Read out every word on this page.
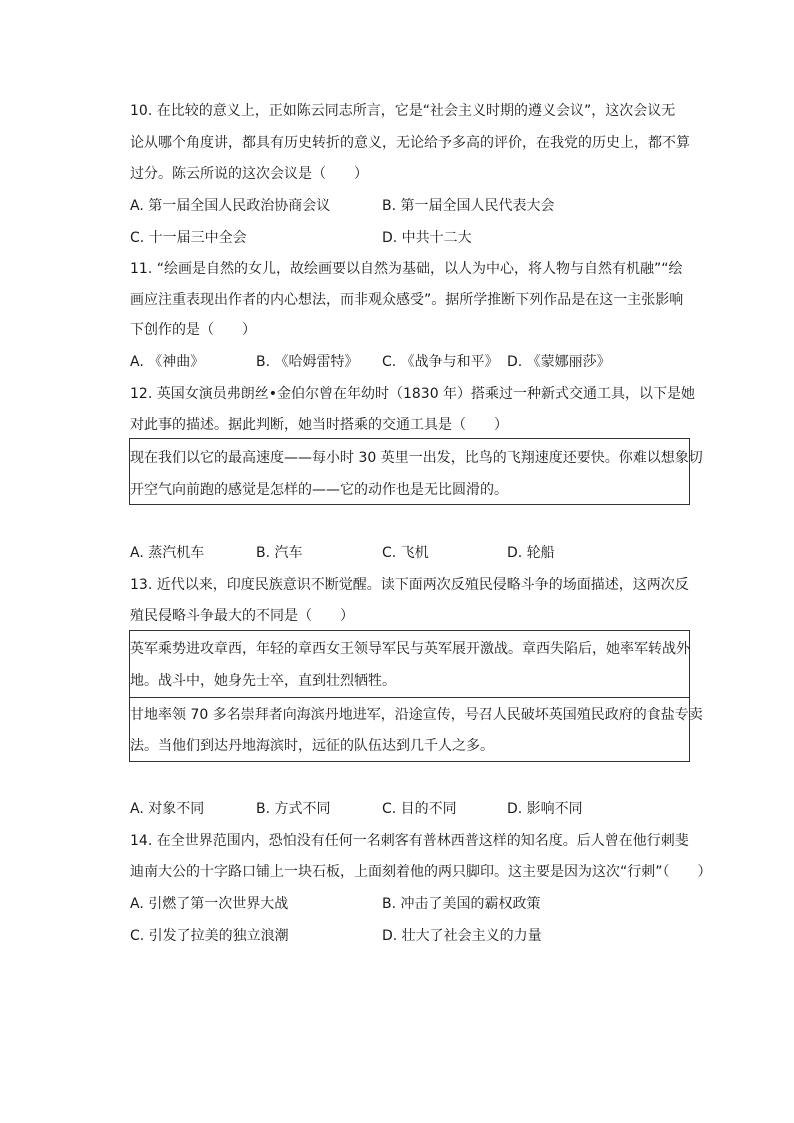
10. 在比较的意义上，正如陈云同志所言，它是“社会主义时期的遵义会议”，这次会议无
论从哪个角度讲，都具有历史转折的意义，无论给予多高的评价，在我党的历史上，都不算
过分。陈云所说的这次会议是（　　）
A. 第一届全国人民政治协商会议	B. 第一届全国人民代表大会
C. 十一届三中全会	D. 中共十二大
11. “绘画是自然的女儿，故绘画要以自然为基础，以人为中心，将人物与自然有机融”“绘
画应注重表现出作者的内心想法，而非观众感受”。据所学推断下列作品是在这一主张影响
下创作的是（　　）
A. 《神曲》	B. 《哈姆雷特》 C. 《战争与和平》 D. 《蒙娜丽莎》
12. 英国女演员弗朗丝•金伯尔曾在年幼时（1830 年）搭乘过一种新式交通工具，以下是她
对此事的描述。据此判断，她当时搭乘的交通工具是（　　）
现在我们以它的最高速度——每小时 30 英里一出发，比鸟的飞翔速度还要快。你难以想象切
开空气向前跑的感觉是怎样的——它的动作也是无比圆滑的。
A. 蒸汽机车	B. 汽车	C. 飞机	D. 轮船
13. 近代以来，印度民族意识不断觉醒。读下面两次反殖民侵略斗争的场面描述，这两次反
殖民侵略斗争最大的不同是（　　）
英军乘势进攻章西，年轻的章西女王领导军民与英军展开激战。章西失陷后，她率军转战外
地。战斗中，她身先士卒，直到壮烈牺牲。
甘地率领 70 多名崇拜者向海滨丹地进军，沿途宣传，号召人民破坏英国殖民政府的食盐专卖
法。当他们到达丹地海滨时，远征的队伍达到几千人之多。
A. 对象不同	B. 方式不同	C. 目的不同	D. 影响不同
14. 在全世界范围内，恐怕没有任何一名刺客有普林西普这样的知名度。后人曾在他行刺斐
迪南大公的十字路口铺上一块石板，上面刻着他的两只脚印。这主要是因为这次“行刺”（　　）
A. 引燃了第一次世界大战	B. 冲击了美国的霸权政策
C. 引发了拉美的独立浪潮	D. 壮大了社会主义的力量
